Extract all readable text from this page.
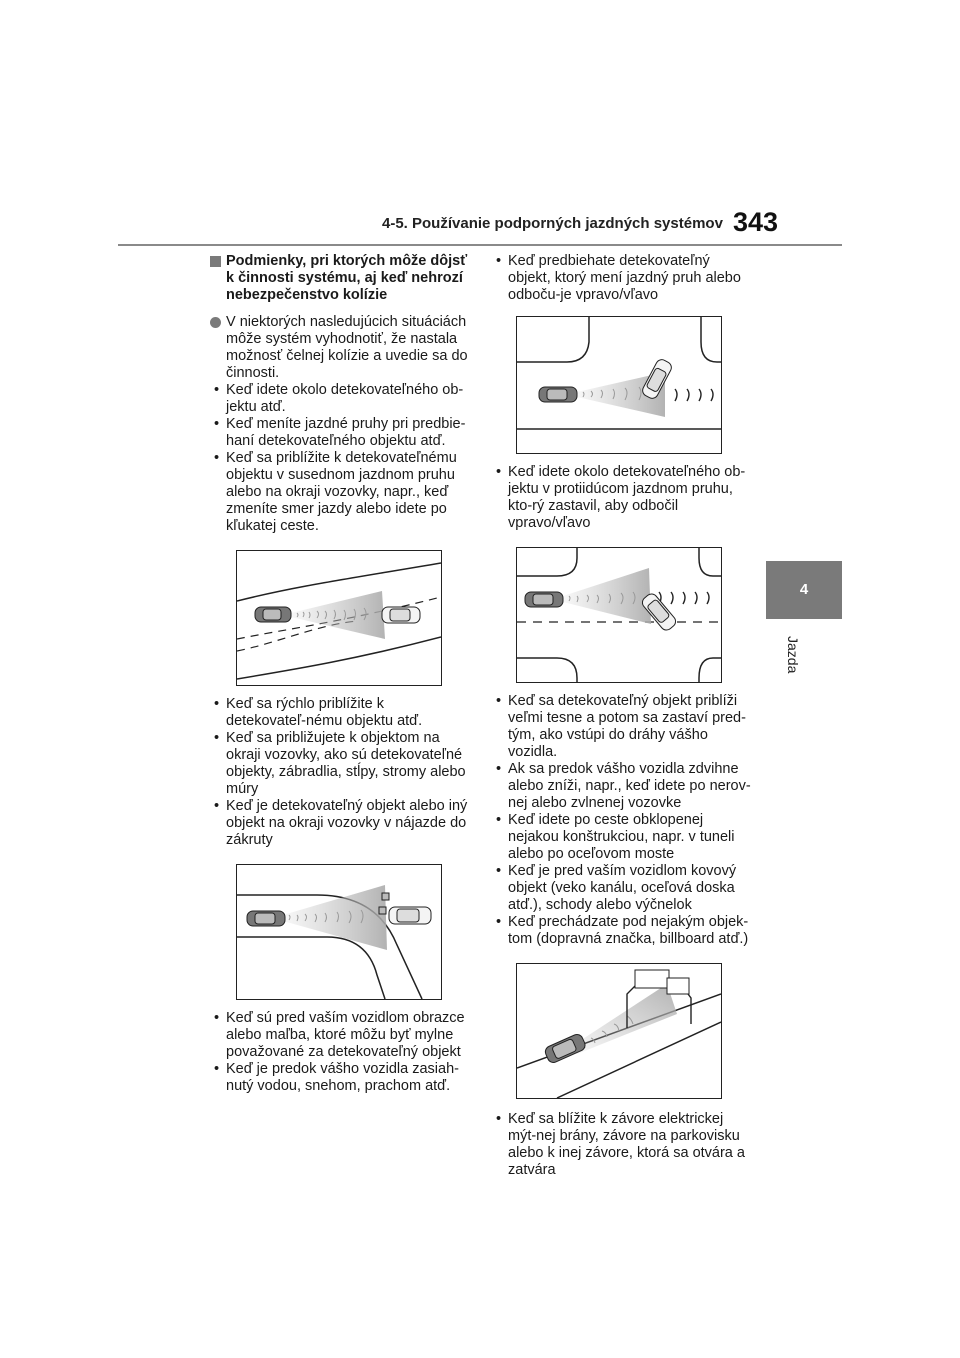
4-5. Používanie podporných jazdných systémov 343
4
Jazda
Podmienky, pri ktorých môže dôjsť k činnosti systému, aj keď nehrozí nebezpečenstvo kolízie
V niektorých nasledujúcich situáciách môže systém vyhodnotiť, že nastala možnosť čelnej kolízie a uvedie sa do činnosti.
• Keď idete okolo detekovateľného ob-jektu atď.
• Keď meníte jazdné pruhy pri predbie-haní detekovateľného objektu atď.
• Keď sa priblížite k detekovateľnému objektu v susednom jazdnom pruhu alebo na okraji vozovky, napr., keď zmeníte smer jazdy alebo idete po kľukatej ceste.
• Keď sa rýchlo priblížite k detekovateľ-nému objektu atď.
• Keď sa približujete k objektom na okraji vozovky, ako sú detekovateľné objekty, zábradlia, stĺpy, stromy alebo múry
• Keď je detekovateľný objekt alebo iný objekt na okraji vozovky v nájazde do zákruty
• Keď sú pred vaším vozidlom obrazce alebo maľba, ktoré môžu byť mylne považované za detekovateľný objekt
• Keď je predok vášho vozidla zasiah-nutý vodou, snehom, prachom atď.
• Keď predbiehate detekovateľný objekt, ktorý mení jazdný pruh alebo odboču-je vpravo/vľavo
• Keď idete okolo detekovateľného ob-jektu v protiidúcom jazdnom pruhu, kto-rý zastavil, aby odbočil vpravo/vľavo
• Keď sa detekovateľný objekt priblíži veľmi tesne a potom sa zastaví pred-tým, ako vstúpi do dráhy vášho vozidla.
• Ak sa predok vášho vozidla zdvihne alebo zníži, napr., keď idete po nerov-nej alebo zvlnenej vozovke
• Keď idete po ceste obklopenej nejakou konštrukciou, napr. v tuneli alebo po oceľovom moste
• Keď je pred vaším vozidlom kovový objekt (veko kanálu, oceľová doska atď.), schody alebo výčnelok
• Keď prechádzate pod nejakým objek-tom (dopravná značka, billboard atď.)
• Keď sa blížite k závore elektrickej mýt-nej brány, závore na parkovisku alebo k inej závore, ktorá sa otvára a zatvára
